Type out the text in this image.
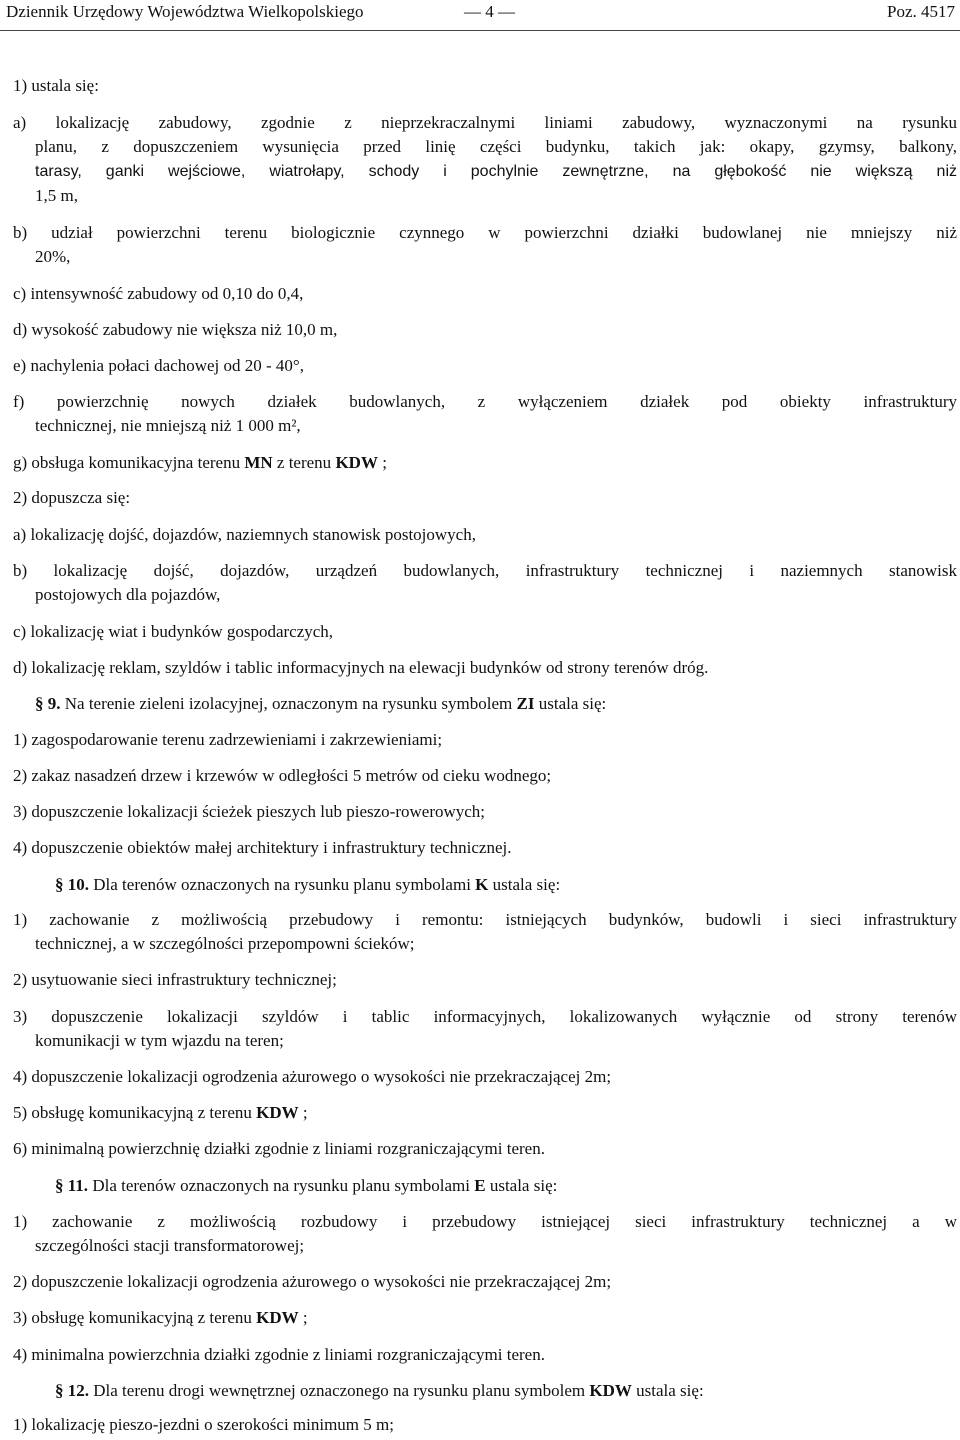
Dziennik Urzędowy Województwa Wielkopolskiego	— 4 —	Poz. 4517
1) ustala się:
a) lokalizację zabudowy, zgodnie z nieprzekraczalnymi liniami zabudowy, wyznaczonymi na rysunku
planu, z dopuszczeniem wysunięcia przed linię części budynku, takich jak: okapy, gzymsy, balkony,
tarasy, ganki wejściowe, wiatrołapy, schody i pochylnie zewnętrzne, na głębokość nie większą niż
1,5 m,
b) udział powierzchni terenu biologicznie czynnego w powierzchni działki budowlanej nie mniejszy niż
20%,
c) intensywność zabudowy od 0,10 do 0,4,
d) wysokość zabudowy nie większa niż 10,0 m,
e) nachylenia połaci dachowej od 20 - 40°,
f) powierzchnię nowych działek budowlanych, z wyłączeniem działek pod obiekty infrastruktury
technicznej, nie mniejszą niż 1 000 m²,
g) obsługa komunikacyjna terenu MN z terenu KDW ;
2) dopuszcza się:
a) lokalizację dojść, dojazdów, naziemnych stanowisk postojowych,
b) lokalizację dojść, dojazdów, urządzeń budowlanych, infrastruktury technicznej i naziemnych stanowisk
postojowych dla pojazdów,
c) lokalizację wiat i budynków gospodarczych,
d) lokalizację reklam, szyldów i tablic informacyjnych na elewacji budynków od strony terenów dróg.
§ 9. Na terenie zieleni izolacyjnej, oznaczonym na rysunku symbolem ZI ustala się:
1) zagospodarowanie terenu zadrzewieniami i zakrzewieniami;
2) zakaz nasadzeń drzew i krzewów w odległości 5 metrów od cieku wodnego;
3) dopuszczenie lokalizacji ścieżek pieszych lub pieszo-rowerowych;
4) dopuszczenie obiektów małej architektury i infrastruktury technicznej.
§ 10. Dla terenów oznaczonych na rysunku planu symbolami K ustala się:
1) zachowanie z możliwością przebudowy i remontu: istniejących budynków, budowli i sieci infrastruktury
technicznej, a w szczególności przepompowni ścieków;
2) usytuowanie sieci infrastruktury technicznej;
3) dopuszczenie lokalizacji szyldów i tablic informacyjnych, lokalizowanych wyłącznie od strony terenów
komunikacji w tym wjazdu na teren;
4) dopuszczenie lokalizacji ogrodzenia ażurowego o wysokości nie przekraczającej 2m;
5) obsługę komunikacyjną z terenu KDW ;
6) minimalną powierzchnię działki zgodnie z liniami rozgraniczającymi teren.
§ 11. Dla terenów oznaczonych na rysunku planu symbolami E ustala się:
1) zachowanie z możliwością rozbudowy i przebudowy istniejącej sieci infrastruktury technicznej a w
szczególności stacji transformatorowej;
2) dopuszczenie lokalizacji ogrodzenia ażurowego o wysokości nie przekraczającej 2m;
3) obsługę komunikacyjną z terenu KDW ;
4) minimalna powierzchnia działki zgodnie z liniami rozgraniczającymi teren.
§ 12. Dla terenu drogi wewnętrznej oznaczonego na rysunku planu symbolem KDW ustala się:
1) lokalizację pieszo-jezdni o szerokości minimum 5 m;
